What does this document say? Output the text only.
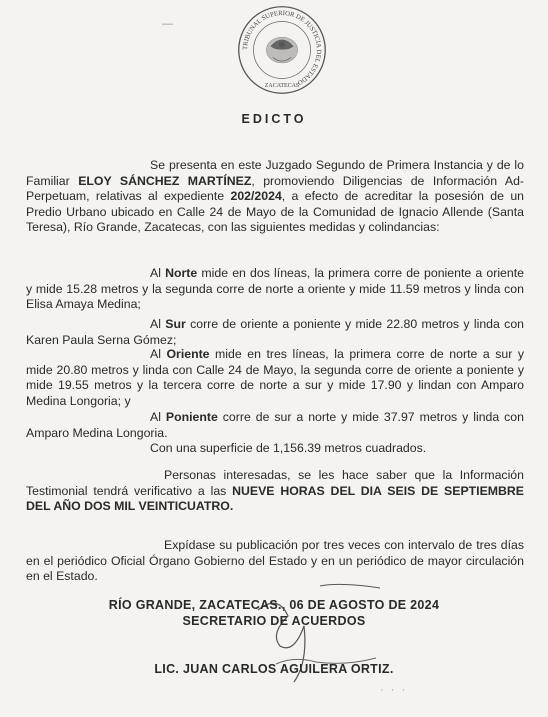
TRIBUNAL SUPERIOR DE JUSTICIA DEL ESTADO
ZACATECAS
—
EDICTO
Se presenta en este Juzgado Segundo de Primera Instancia y de lo Familiar ELOY SÁNCHEZ MARTÍNEZ, promoviendo Diligencias de Información Ad-Perpetuam, relativas al expediente 202/2024, a efecto de acreditar la posesión de un Predio Urbano ubicado en Calle 24 de Mayo de la Comunidad de Ignacio Allende (Santa Teresa), Río Grande, Zacatecas, con las siguientes medidas y colindancias:
Al Norte mide en dos líneas, la primera corre de poniente a oriente y mide 15.28 metros y la segunda corre de norte a oriente y mide 11.59 metros y linda con Elisa Amaya Medina;
Al Sur corre de oriente a poniente y mide 22.80 metros y linda con Karen Paula Serna Gómez;
Al Oriente mide en tres líneas, la primera corre de norte a sur y mide 20.80 metros y linda con Calle 24 de Mayo, la segunda corre de oriente a poniente y mide 19.55 metros y la tercera corre de norte a sur y mide 17.90 y lindan con Amparo Medina Longoria; y
Al Poniente corre de sur a norte y mide 37.97 metros y linda con Amparo Medina Longoria.
Con una superficie de 1,156.39 metros cuadrados.
Personas interesadas, se les hace saber que la Información Testimonial tendrá verificativo a las NUEVE HORAS DEL DIA SEIS DE SEPTIEMBRE DEL AÑO DOS MIL VEINTICUATRO.
Expídase su publicación por tres veces con intervalo de tres días en el periódico Oficial Órgano Gobierno del Estado y en un periódico de mayor circulación en el Estado.
RÍO GRANDE, ZACATECAS., 06 DE AGOSTO DE 2024
SECRETARIO DE ACUERDOS
LIC. JUAN CARLOS AGUILERA ORTIZ.
· · ·
